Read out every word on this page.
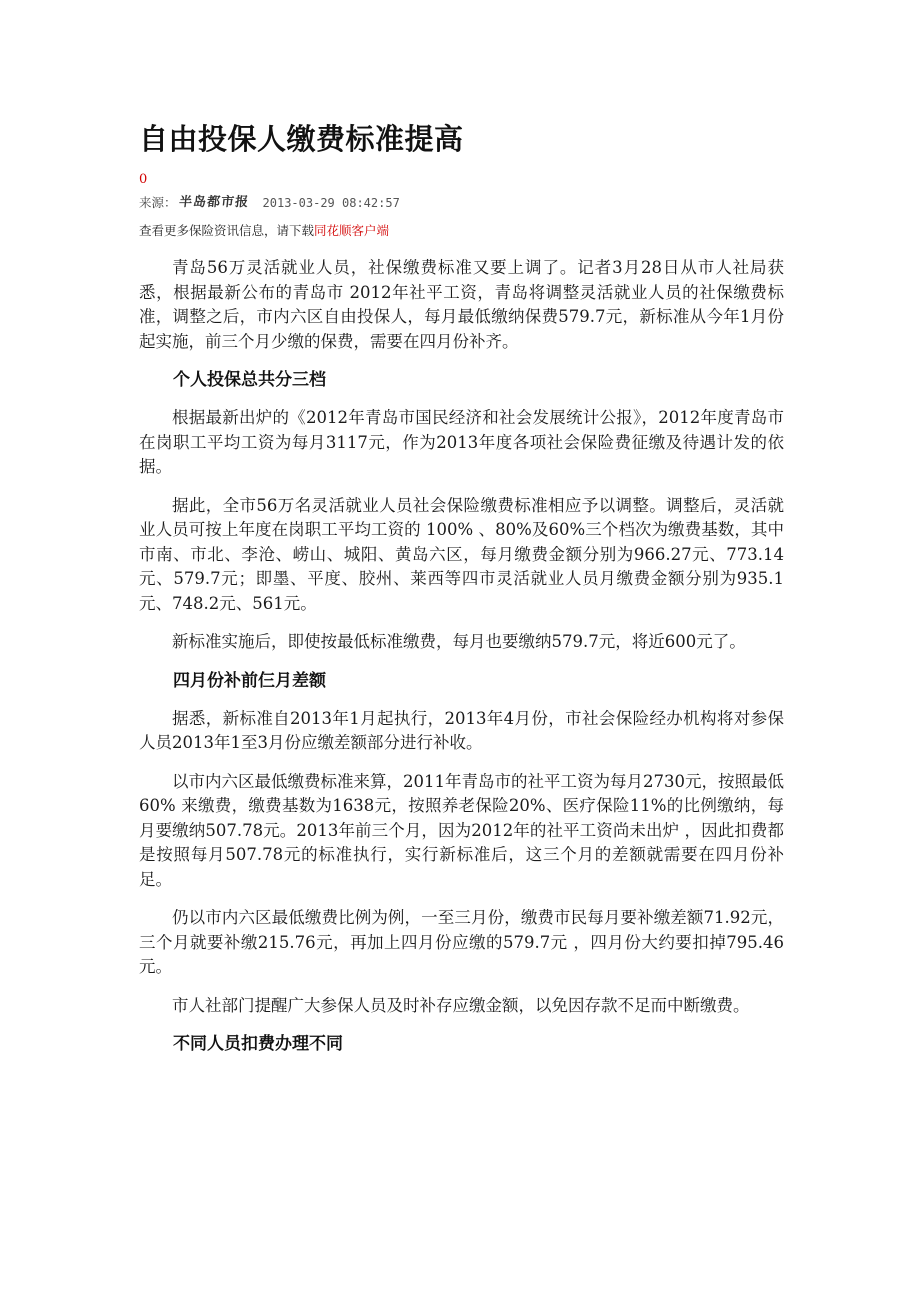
自由投保人缴费标准提高
0
来源： 半岛都市报 2013-03-29 08:42:57
查看更多保险资讯信息，请下载同花顺客户端

青岛56万灵活就业人员，社保缴费标准又要上调了。记者3月28日从市人社局获悉，根据最新公布的青岛市 2012年社平工资，青岛将调整灵活就业人员的社保缴费标准，调整之后，市内六区自由投保人，每月最低缴纳保费579.7元，新标准从今年1月份起实施，前三个月少缴的保费，需要在四月份补齐。

个人投保总共分三档

根据最新出炉的《2012年青岛市国民经济和社会发展统计公报》，2012年度青岛市在岗职工平均工资为每月3117元，作为2013年度各项社会保险费征缴及待遇计发的依据。

据此，全市56万名灵活就业人员社会保险缴费标准相应予以调整。调整后，灵活就业人员可按上年度在岗职工平均工资的 100% 、80%及60%三个档次为缴费基数，其中市南、市北、李沧、崂山、城阳、黄岛六区，每月缴费金额分别为966.27元、773.14元、579.7元；即墨、平度、胶州、莱西等四市灵活就业人员月缴费金额分别为935.1元、748.2元、561元。

新标准实施后，即使按最低标准缴费，每月也要缴纳579.7元，将近600元了。

四月份补前仨月差额

据悉，新标准自2013年1月起执行，2013年4月份，市社会保险经办机构将对参保人员2013年1至3月份应缴差额部分进行补收。

以市内六区最低缴费标准来算，2011年青岛市的社平工资为每月2730元，按照最低60% 来缴费，缴费基数为1638元，按照养老保险20%、医疗保险11%的比例缴纳，每月要缴纳507.78元。2013年前三个月，因为2012年的社平工资尚未出炉 ，因此扣费都是按照每月507.78元的标准执行，实行新标准后，这三个月的差额就需要在四月份补足。

仍以市内六区最低缴费比例为例，一至三月份，缴费市民每月要补缴差额71.92元，三个月就要补缴215.76元，再加上四月份应缴的579.7元 ，四月份大约要扣掉795.46元。

市人社部门提醒广大参保人员及时补存应缴金额，以免因存款不足而中断缴费。

不同人员扣费办理不同
